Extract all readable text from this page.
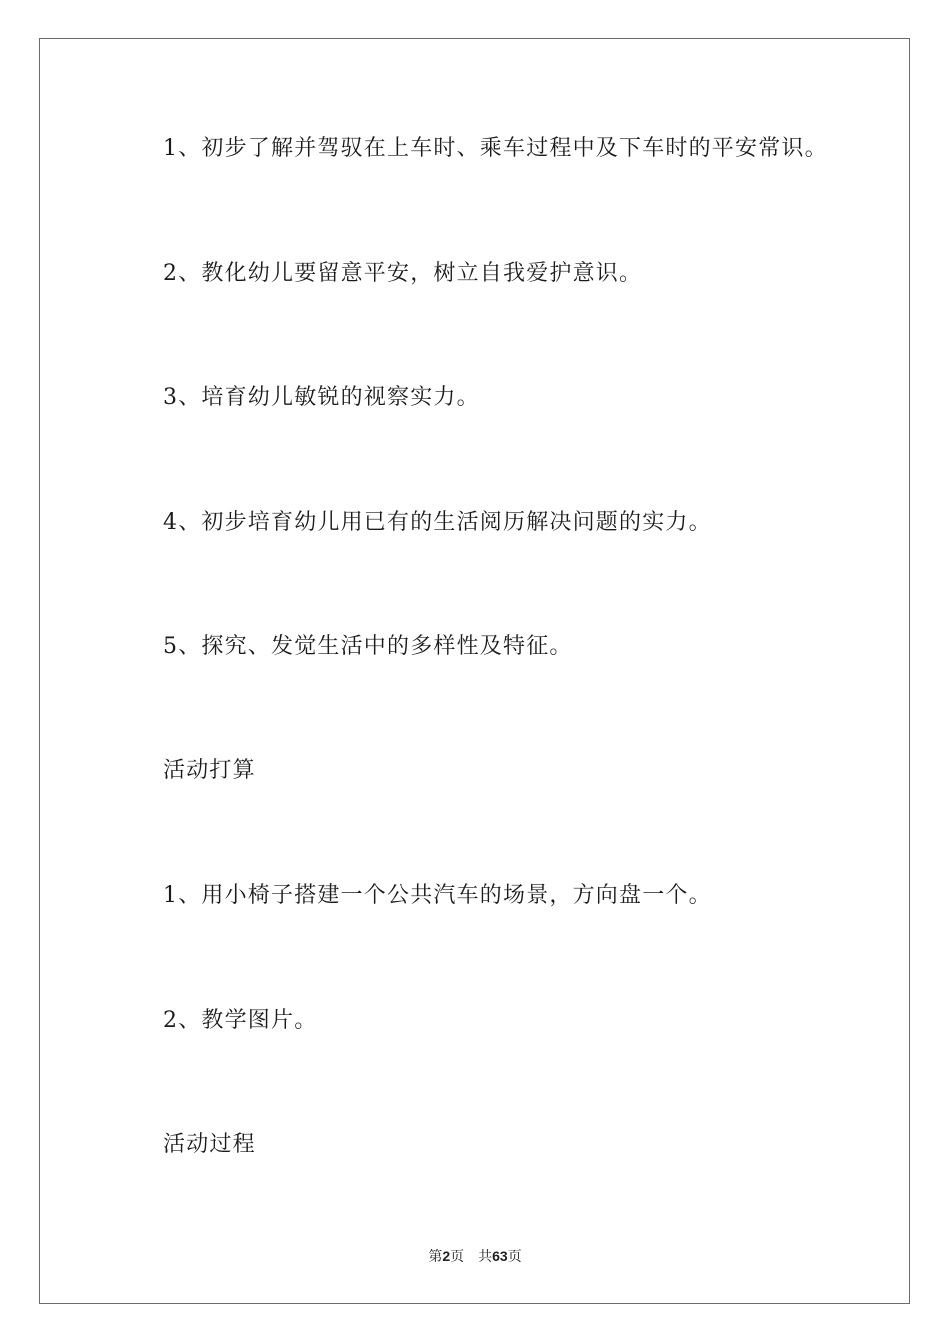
1、初步了解并驾驭在上车时、乘车过程中及下车时的平安常识。
2、教化幼儿要留意平安，树立自我爱护意识。
3、培育幼儿敏锐的视察实力。
4、初步培育幼儿用已有的生活阅历解决问题的实力。
5、探究、发觉生活中的多样性及特征。
活动打算
1、用小椅子搭建一个公共汽车的场景，方向盘一个。
2、教学图片。
活动过程
第2页 共63页
